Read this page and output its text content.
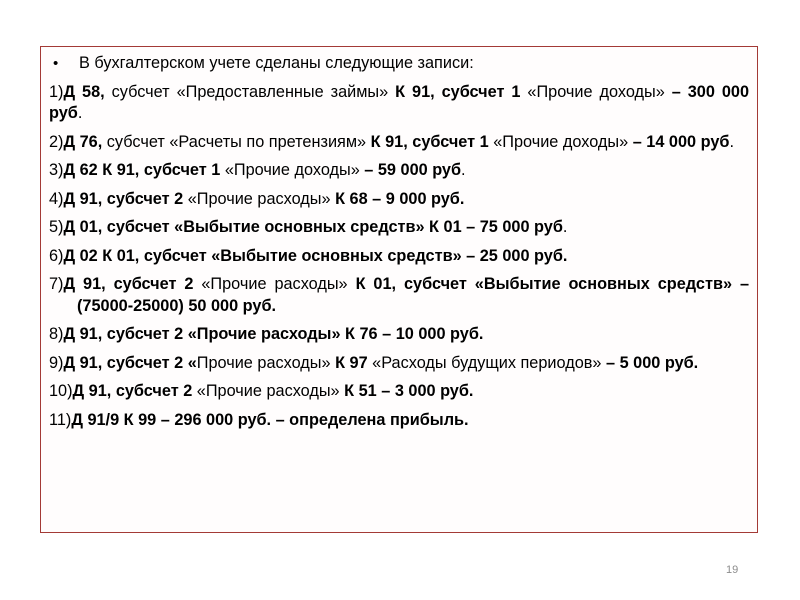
• В бухгалтерском учете сделаны следующие записи:
1)Д 58, субсчет «Предоставленные займы» К 91, субсчет 1 «Прочие доходы» – 300 000 руб.
2)Д 76, субсчет «Расчеты по претензиям» К 91, субсчет 1 «Прочие доходы» – 14 000 руб.
3)Д 62 К 91, субсчет 1 «Прочие доходы» – 59 000 руб.
4)Д 91, субсчет 2 «Прочие расходы» К 68 – 9 000 руб.
5)Д 01, субсчет «Выбытие основных средств» К 01 – 75 000 руб.
6)Д 02 К 01, субсчет «Выбытие основных средств» – 25 000 руб.
7)Д 91, субсчет 2 «Прочие расходы» К 01, субсчет «Выбытие основных средств» – (75000-25000) 50 000 руб.
8)Д 91, субсчет 2 «Прочие расходы» К 76 – 10 000 руб.
9)Д 91, субсчет 2 «Прочие расходы» К 97 «Расходы будущих периодов» – 5 000 руб.
10)Д 91, субсчет 2 «Прочие расходы» К 51 – 3 000 руб.
11)Д 91/9 К 99 – 296 000 руб. – определена прибыль.
19
